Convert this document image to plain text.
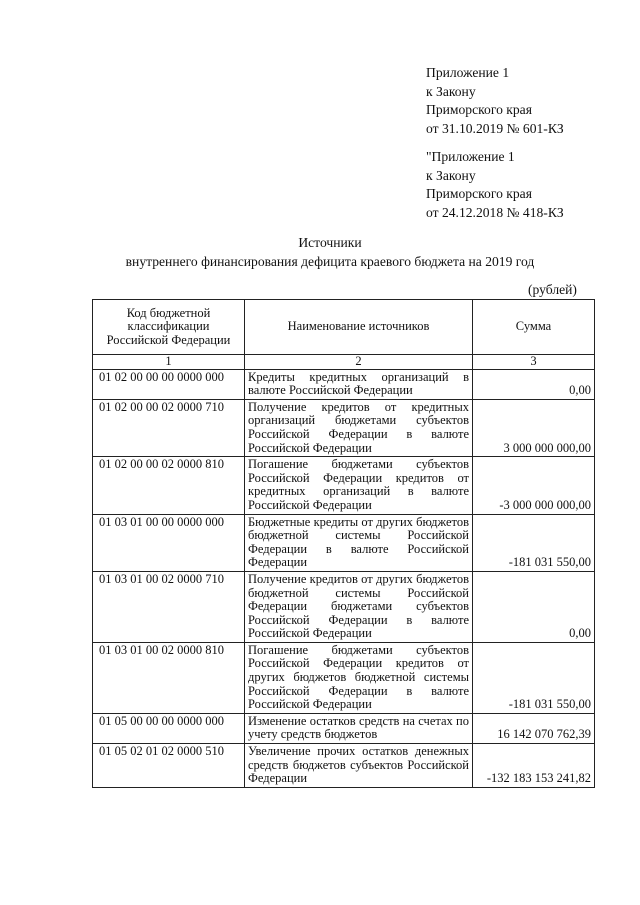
Приложение 1
к Закону
Приморского края
от 31.10.2019 № 601-КЗ
"Приложение 1
к Закону
Приморского края
от 24.12.2018 № 418-КЗ
Источники
внутреннего финансирования дефицита краевого бюджета на 2019 год
(рублей)
Код бюджетной классификации Российской Федерации	Наименование источников	Сумма
1	2	3
01 02 00 00 00 0000 000	Кредиты кредитных организаций в валюте Российской Федерации	0,00
01 02 00 00 02 0000 710	Получение кредитов от кредитных организаций бюджетами субъектов Российской Федерации в валюте Российской Федерации	3 000 000 000,00
01 02 00 00 02 0000 810	Погашение бюджетами субъектов Российской Федерации кредитов от кредитных организаций в валюте Российской Федерации	-3 000 000 000,00
01 03 01 00 00 0000 000	Бюджетные кредиты от других бюджетов бюджетной системы Российской Федерации в валюте Российской Федерации	-181 031 550,00
01 03 01 00 02 0000 710	Получение кредитов от других бюджетов бюджетной системы Российской Федерации бюджетами субъектов Российской Федерации в валюте Российской Федерации	0,00
01 03 01 00 02 0000 810	Погашение бюджетами субъектов Российской Федерации кредитов от других бюджетов бюджетной системы Российской Федерации в валюте Российской Федерации	-181 031 550,00
01 05 00 00 00 0000 000	Изменение остатков средств на счетах по учету средств бюджетов	16 142 070 762,39
01 05 02 01 02 0000 510	Увеличение прочих остатков денежных средств бюджетов субъектов Российской Федерации	-132 183 153 241,82
